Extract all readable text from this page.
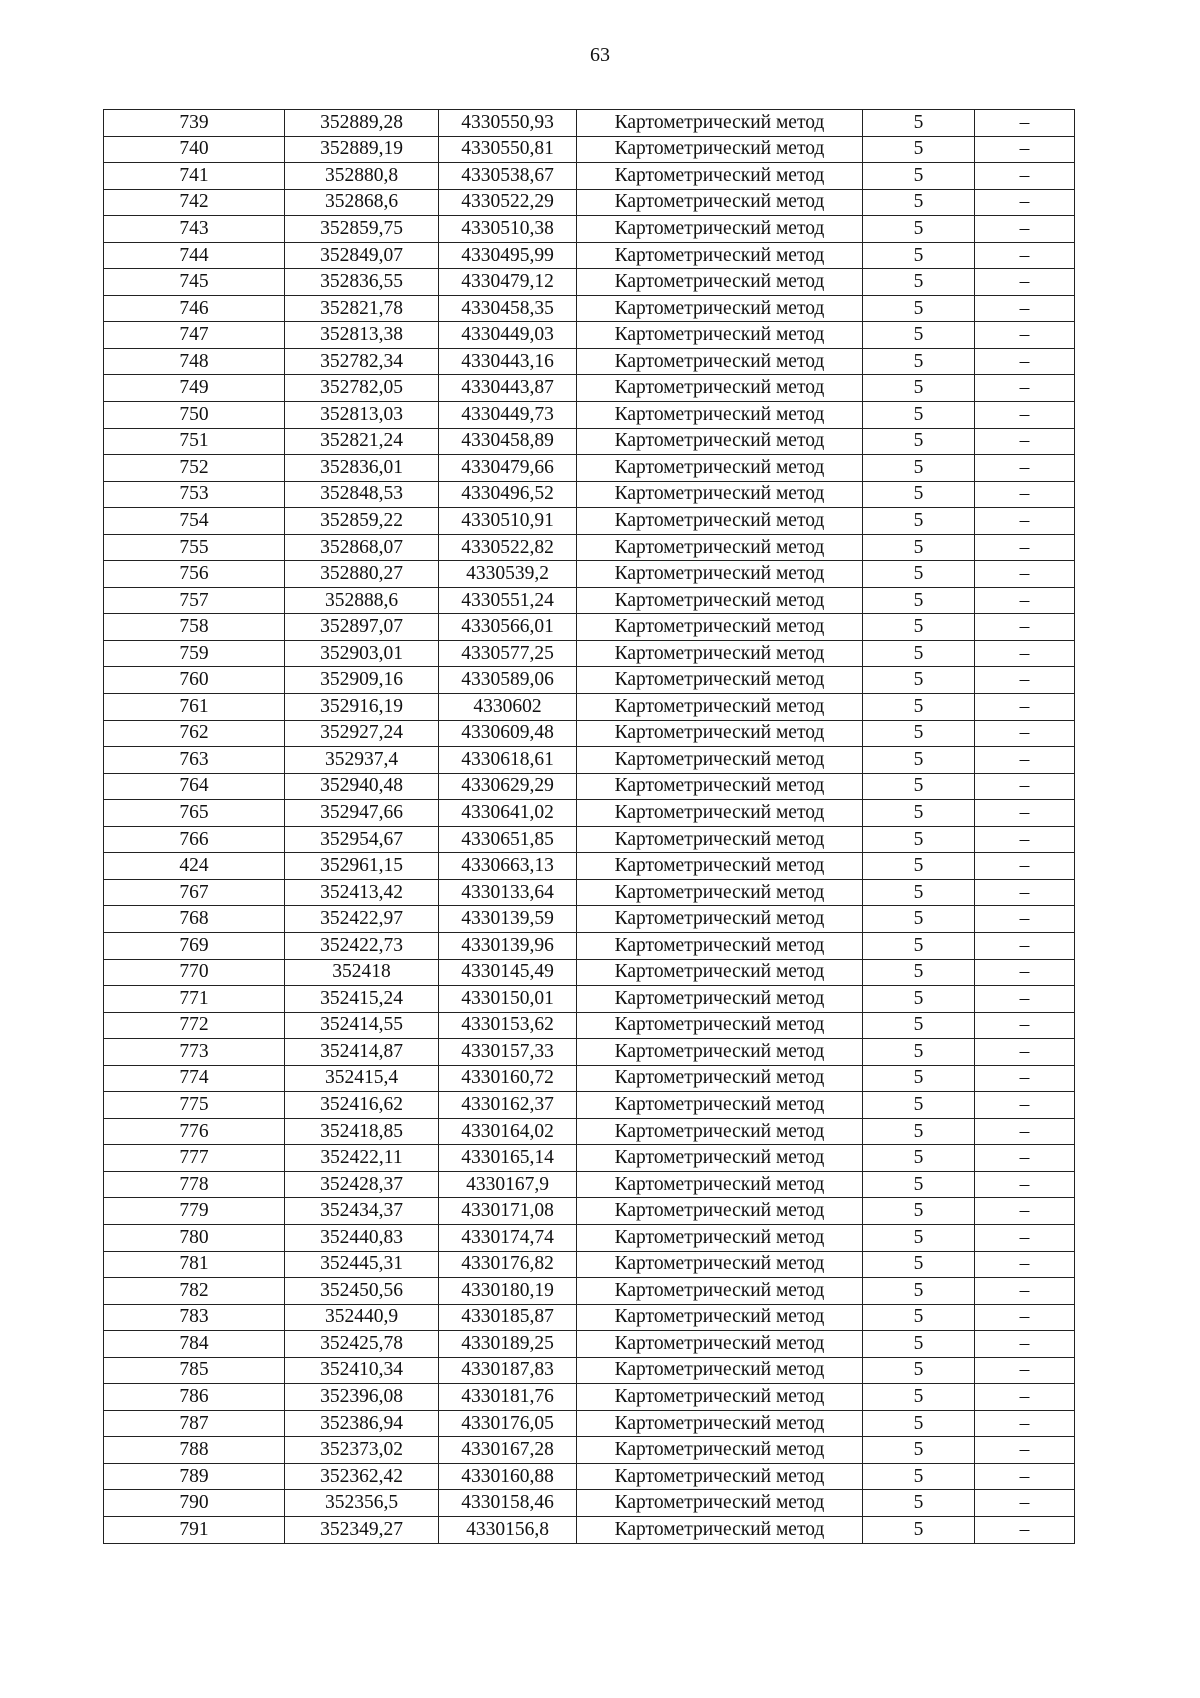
63
739	352889,28	4330550,93	Картометрический метод	5	–
740	352889,19	4330550,81	Картометрический метод	5	–
741	352880,8	4330538,67	Картометрический метод	5	–
742	352868,6	4330522,29	Картометрический метод	5	–
743	352859,75	4330510,38	Картометрический метод	5	–
744	352849,07	4330495,99	Картометрический метод	5	–
745	352836,55	4330479,12	Картометрический метод	5	–
746	352821,78	4330458,35	Картометрический метод	5	–
747	352813,38	4330449,03	Картометрический метод	5	–
748	352782,34	4330443,16	Картометрический метод	5	–
749	352782,05	4330443,87	Картометрический метод	5	–
750	352813,03	4330449,73	Картометрический метод	5	–
751	352821,24	4330458,89	Картометрический метод	5	–
752	352836,01	4330479,66	Картометрический метод	5	–
753	352848,53	4330496,52	Картометрический метод	5	–
754	352859,22	4330510,91	Картометрический метод	5	–
755	352868,07	4330522,82	Картометрический метод	5	–
756	352880,27	4330539,2	Картометрический метод	5	–
757	352888,6	4330551,24	Картометрический метод	5	–
758	352897,07	4330566,01	Картометрический метод	5	–
759	352903,01	4330577,25	Картометрический метод	5	–
760	352909,16	4330589,06	Картометрический метод	5	–
761	352916,19	4330602	Картометрический метод	5	–
762	352927,24	4330609,48	Картометрический метод	5	–
763	352937,4	4330618,61	Картометрический метод	5	–
764	352940,48	4330629,29	Картометрический метод	5	–
765	352947,66	4330641,02	Картометрический метод	5	–
766	352954,67	4330651,85	Картометрический метод	5	–
424	352961,15	4330663,13	Картометрический метод	5	–
767	352413,42	4330133,64	Картометрический метод	5	–
768	352422,97	4330139,59	Картометрический метод	5	–
769	352422,73	4330139,96	Картометрический метод	5	–
770	352418	4330145,49	Картометрический метод	5	–
771	352415,24	4330150,01	Картометрический метод	5	–
772	352414,55	4330153,62	Картометрический метод	5	–
773	352414,87	4330157,33	Картометрический метод	5	–
774	352415,4	4330160,72	Картометрический метод	5	–
775	352416,62	4330162,37	Картометрический метод	5	–
776	352418,85	4330164,02	Картометрический метод	5	–
777	352422,11	4330165,14	Картометрический метод	5	–
778	352428,37	4330167,9	Картометрический метод	5	–
779	352434,37	4330171,08	Картометрический метод	5	–
780	352440,83	4330174,74	Картометрический метод	5	–
781	352445,31	4330176,82	Картометрический метод	5	–
782	352450,56	4330180,19	Картометрический метод	5	–
783	352440,9	4330185,87	Картометрический метод	5	–
784	352425,78	4330189,25	Картометрический метод	5	–
785	352410,34	4330187,83	Картометрический метод	5	–
786	352396,08	4330181,76	Картометрический метод	5	–
787	352386,94	4330176,05	Картометрический метод	5	–
788	352373,02	4330167,28	Картометрический метод	5	–
789	352362,42	4330160,88	Картометрический метод	5	–
790	352356,5	4330158,46	Картометрический метод	5	–
791	352349,27	4330156,8	Картометрический метод	5	–
